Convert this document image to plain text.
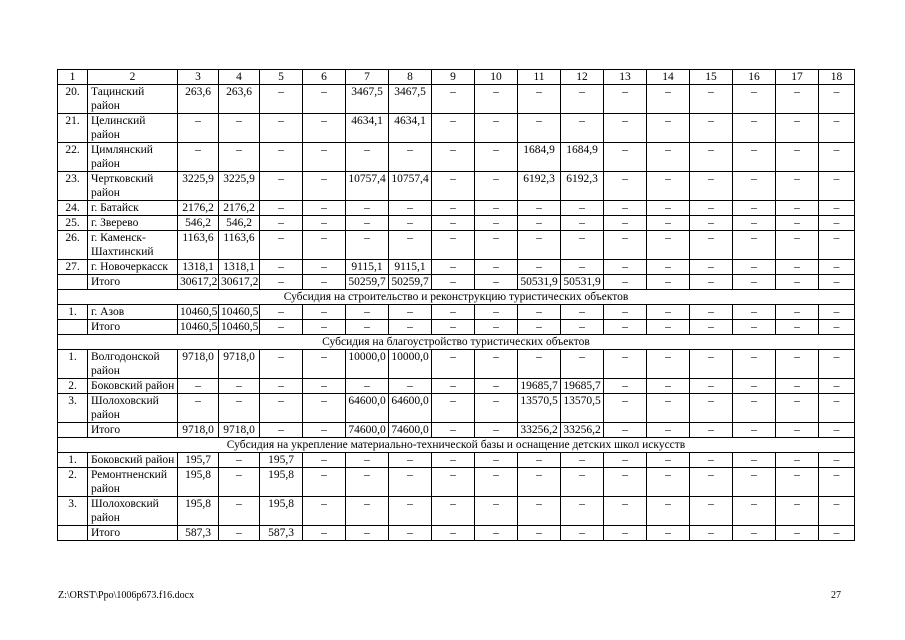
1	2	3	4	5	6	7	8	9	10	11	12	13	14	15	16	17	18
20.	Тацинский район	263,6	263,6	–	–	3467,5	3467,5	–	–	–	–	–	–	–	–	–	–
21.	Целинский район	–	–	–	–	4634,1	4634,1	–	–	–	–	–	–	–	–	–	–
22.	Цимлянский район	–	–	–	–	–	–	–	–	1684,9	1684,9	–	–	–	–	–	–
23.	Чертковский район	3225,9	3225,9	–	–	10757,4	10757,4	–	–	6192,3	6192,3	–	–	–	–	–	–
24.	г. Батайск	2176,2	2176,2	–	–	–	–	–	–	–	–	–	–	–	–	–	–
25.	г. Зверево	546,2	546,2	–	–	–	–	–	–	–	–	–	–	–	–	–	–
26.	г. Каменск-Шахтинский	1163,6	1163,6	–	–	–	–	–	–	–	–	–	–	–	–	–	–
27.	г. Новочеркасск	1318,1	1318,1	–	–	9115,1	9115,1	–	–	–	–	–	–	–	–	–	–
	Итого	30617,2	30617,2	–	–	50259,7	50259,7	–	–	50531,9	50531,9	–	–	–	–	–	–
Субсидия на строительство и реконструкцию туристических объектов																	
1.	г. Азов	10460,5	10460,5	–	–	–	–	–	–	–	–	–	–	–	–	–	–
	Итого	10460,5	10460,5	–	–	–	–	–	–	–	–	–	–	–	–	–	–
Субсидия на благоустройство туристических объектов																	
1.	Волгодонской район	9718,0	9718,0	–	–	10000,0	10000,0	–	–	–	–	–	–	–	–	–	–
2.	Боковский район	–	–	–	–	–	–	–	–	19685,7	19685,7	–	–	–	–	–	–
3.	Шолоховский район	–	–	–	–	64600,0	64600,0	–	–	13570,5	13570,5	–	–	–	–	–	–
	Итого	9718,0	9718,0	–	–	74600,0	74600,0	–	–	33256,2	33256,2	–	–	–	–	–	–
Субсидия на укрепление материально-технической базы и оснащение детских школ искусств																	
1.	Боковский район	195,7	–	195,7	–	–	–	–	–	–	–	–	–	–	–	–	–
2.	Ремонтненский район	195,8	–	195,8	–	–	–	–	–	–	–	–	–	–	–	–	–
3.	Шолоховский район	195,8	–	195,8	–	–	–	–	–	–	–	–	–	–	–	–	–
	Итого	587,3	–	587,3	–	–	–	–	–	–	–	–	–	–	–	–	–
Z:\ORST\Ppo\1006p673.f16.docx	27
